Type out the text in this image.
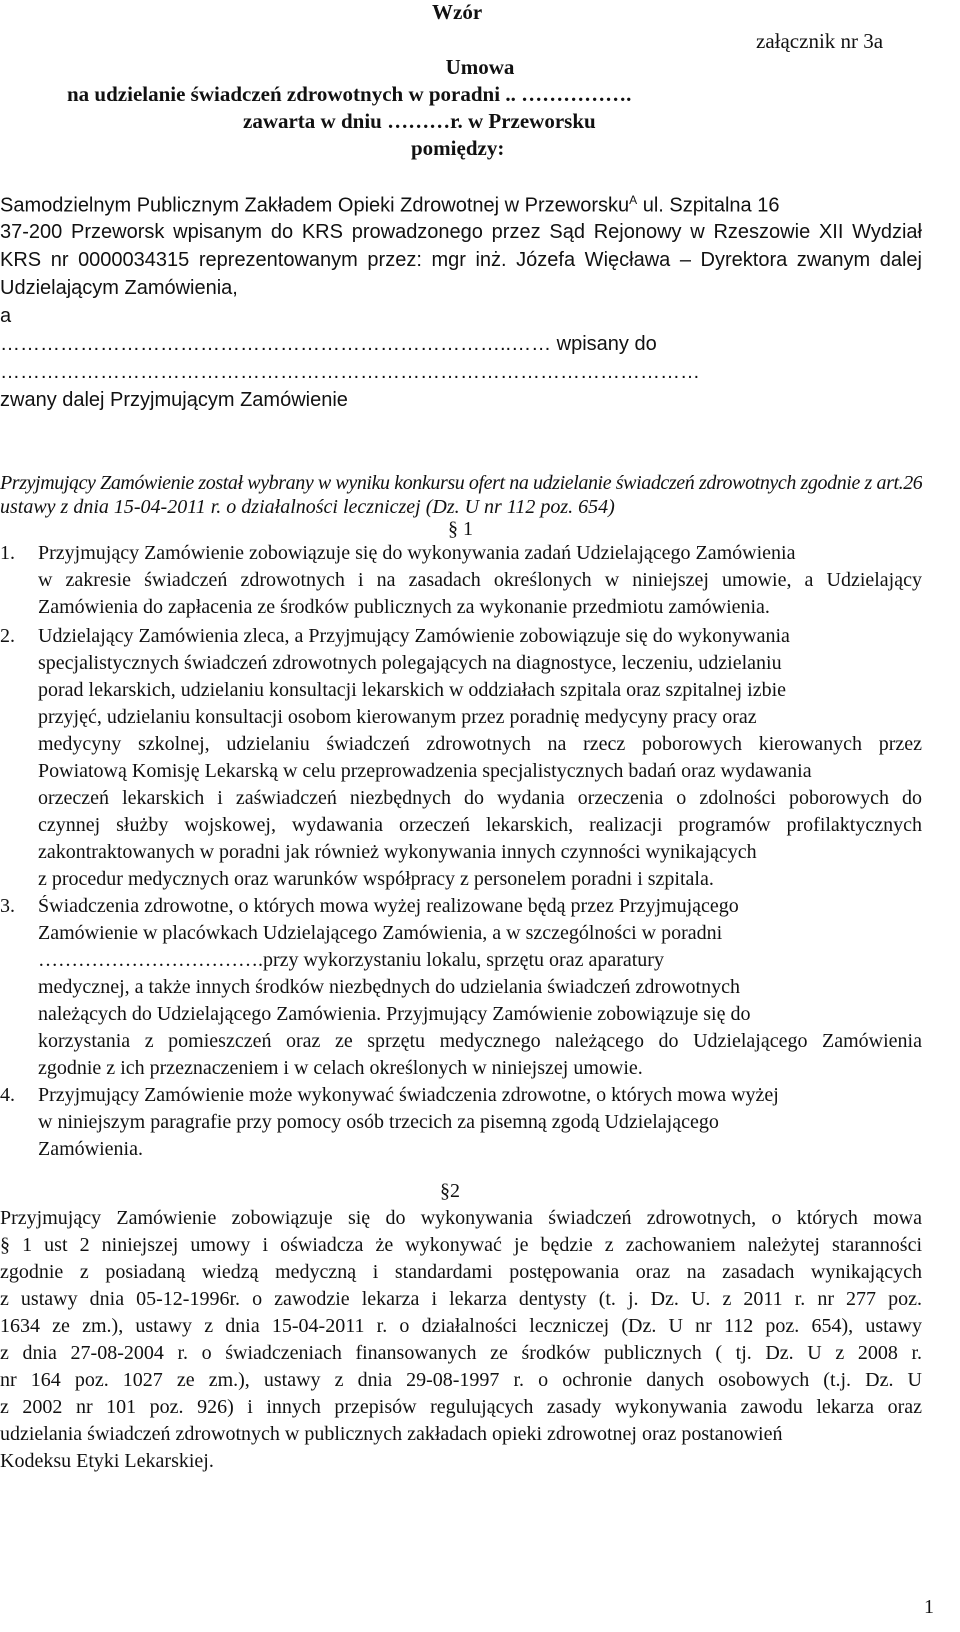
Wzór
załącznik nr 3a
Umowa
na udzielanie świadczeń zdrowotnych w poradni .. …………….
zawarta w dniu ………r. w Przeworsku
pomiędzy:
Samodzielnym Publicznym Zakładem Opieki Zdrowotnej w Przeworsku$^A$ ul. Szpitalna 16
37-200 Przeworsk wpisanym do KRS prowadzonego przez Sąd Rejonowy w Rzeszowie XII Wydział
KRS nr 0000034315 reprezentowanym przez: mgr inż. Józefa Więcława – Dyrektora zwanym dalej
Udzielającym Zamówienia,
a
…………………………………………………………………..…… wpisany do
……………………………………………………………………………………………
zwany dalej Przyjmującym Zamówienie
Przyjmujący Zamówienie został wybrany w wyniku konkursu ofert na udzielanie świadczeń zdrowotnych zgodnie z art.26
ustawy z dnia 15-04-2011 r. o działalności leczniczej (Dz. U nr 112 poz. 654)
§ 1
1. Przyjmujący Zamówienie zobowiązuje się do wykonywania zadań Udzielającego Zamówienia
w zakresie świadczeń zdrowotnych i na zasadach określonych w niniejszej umowie, a Udzielający
Zamówienia do zapłacenia ze środków publicznych za wykonanie przedmiotu zamówienia.
2. Udzielający Zamówienia zleca, a Przyjmujący Zamówienie zobowiązuje się do wykonywania
specjalistycznych świadczeń zdrowotnych polegających na diagnostyce, leczeniu, udzielaniu
porad lekarskich, udzielaniu konsultacji lekarskich w oddziałach szpitala oraz szpitalnej izbie
przyjęć, udzielaniu konsultacji osobom kierowanym przez poradnię medycyny pracy oraz
medycyny szkolnej, udzielaniu świadczeń zdrowotnych na rzecz poborowych kierowanych przez
Powiatową Komisję Lekarską w celu przeprowadzenia specjalistycznych badań oraz wydawania
orzeczeń lekarskich i zaświadczeń niezbędnych do wydania orzeczenia o zdolności poborowych do
czynnej służby wojskowej, wydawania orzeczeń lekarskich, realizacji programów profilaktycznych
zakontraktowanych w poradni jak również wykonywania innych czynności wynikających
z procedur medycznych oraz warunków współpracy z personelem poradni i szpitala.
3. Świadczenia zdrowotne, o których mowa wyżej realizowane będą przez Przyjmującego
Zamówienie w placówkach Udzielającego Zamówienia, a w szczególności w poradni
…………………………….przy wykorzystaniu lokalu, sprzętu oraz aparatury
medycznej, a także innych środków niezbędnych do udzielania świadczeń zdrowotnych
należących do Udzielającego Zamówienia. Przyjmujący Zamówienie zobowiązuje się do
korzystania z pomieszczeń oraz ze sprzętu medycznego należącego do Udzielającego Zamówienia
zgodnie z ich przeznaczeniem i w celach określonych w niniejszej umowie.
4. Przyjmujący Zamówienie może wykonywać świadczenia zdrowotne, o których mowa wyżej
w niniejszym paragrafie przy pomocy osób trzecich za pisemną zgodą Udzielającego
Zamówienia.
§2
Przyjmujący Zamówienie zobowiązuje się do wykonywania świadczeń zdrowotnych, o których mowa
§ 1 ust 2 niniejszej umowy i oświadcza że wykonywać je będzie z zachowaniem należytej staranności
zgodnie z posiadaną wiedzą medyczną i standardami postępowania oraz na zasadach wynikających
z ustawy dnia 05-12-1996r. o zawodzie lekarza i lekarza dentysty (t. j. Dz. U. z 2011 r. nr 277 poz.
1634 ze zm.), ustawy z dnia 15-04-2011 r. o działalności leczniczej (Dz. U nr 112 poz. 654), ustawy
z dnia 27-08-2004 r. o świadczeniach finansowanych ze środków publicznych ( tj. Dz. U z 2008 r.
nr 164 poz. 1027 ze zm.), ustawy z dnia 29-08-1997 r. o ochronie danych osobowych (t.j. Dz. U
z 2002 nr 101 poz. 926) i innych przepisów regulujących zasady wykonywania zawodu lekarza oraz
udzielania świadczeń zdrowotnych w publicznych zakładach opieki zdrowotnej oraz postanowień
Kodeksu Etyki Lekarskiej.
1
